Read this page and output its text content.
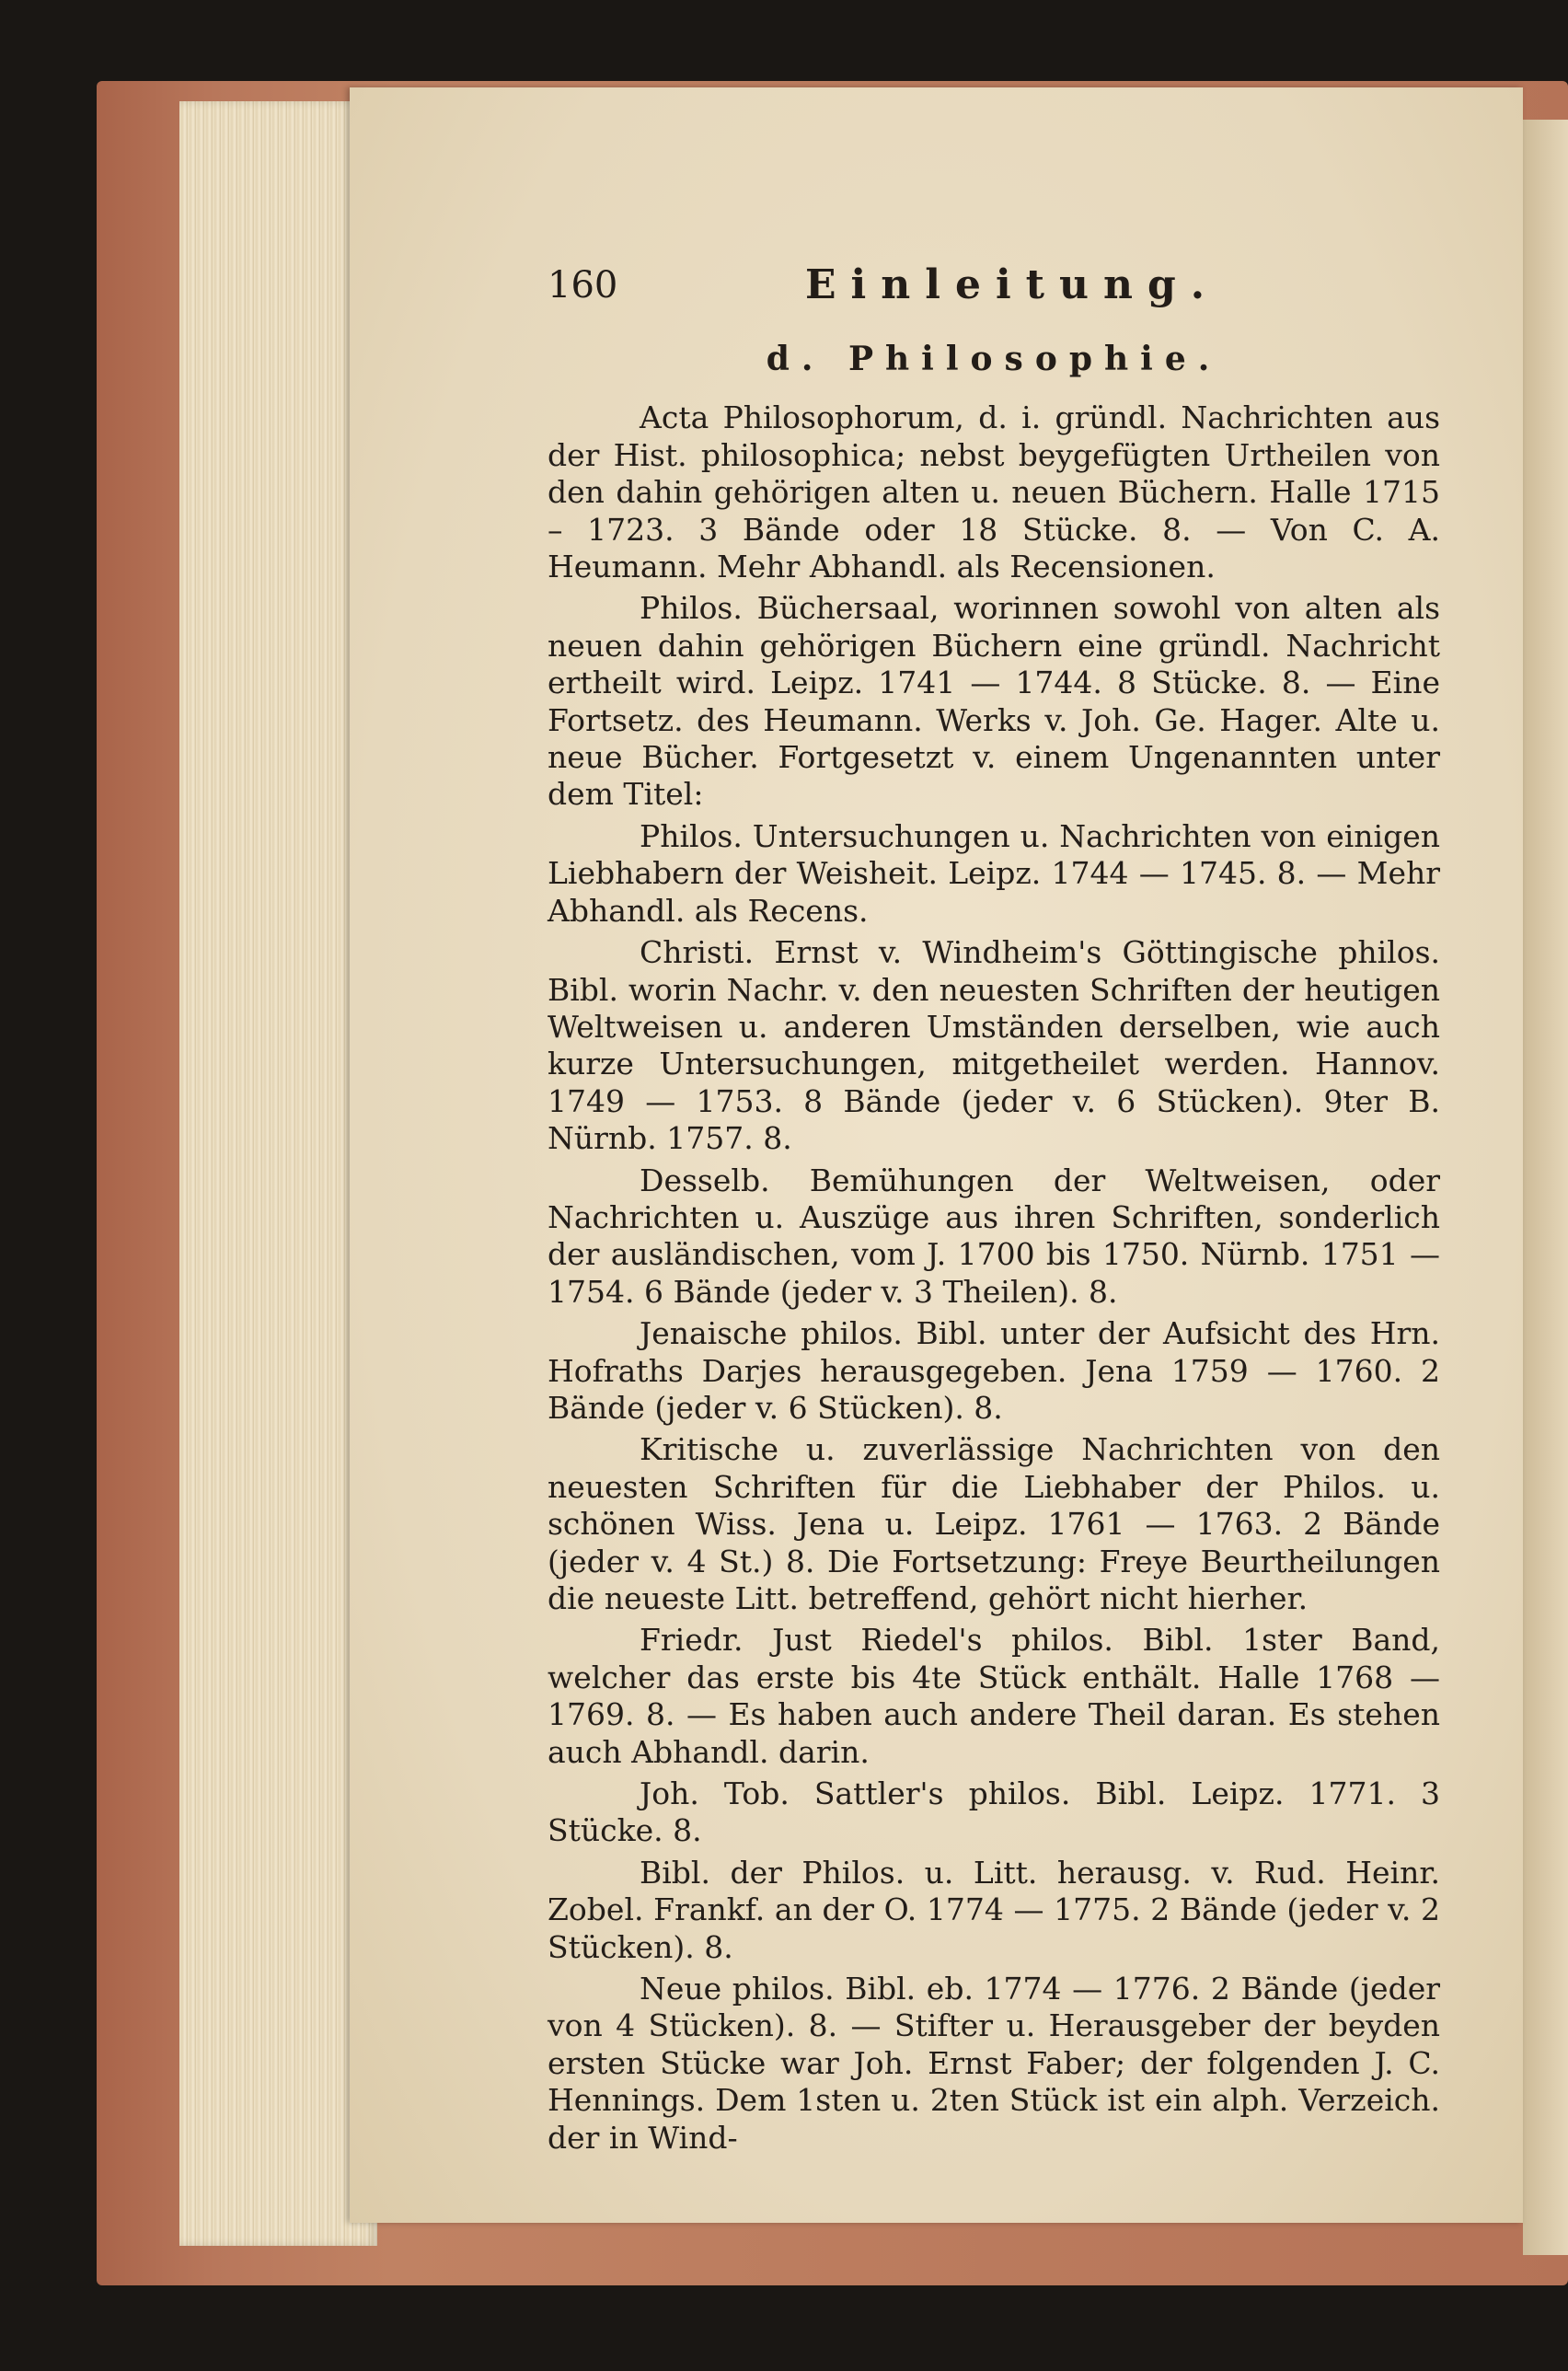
160	Einleitung.
d. Philosophie.

Acta Philosophorum, d. i. gründl. Nachrichten aus der Hist. philosophica; nebst beygefügten Urtheilen von den dahin gehörigen alten u. neuen Büchern. Halle 1715 – 1723. 3 Bände oder 18 Stücke. 8. — Von C. A. Heumann. Mehr Abhandl. als Recensionen.

Philos. Büchersaal, worinnen sowohl von alten als neuen dahin gehörigen Büchern eine gründl. Nachricht ertheilt wird. Leipz. 1741 — 1744. 8 Stücke. 8. — Eine Fortsetz. des Heumann. Werks v. Joh. Ge. Hager. Alte u. neue Bücher. Fortgesetzt v. einem Ungenannten unter dem Titel:

Philos. Untersuchungen u. Nachrichten von einigen Liebhabern der Weisheit. Leipz. 1744 — 1745. 8. — Mehr Abhandl. als Recens.

Christi. Ernst v. Windheim's Göttingische philos. Bibl. worin Nachr. v. den neuesten Schriften der heutigen Weltweisen u. anderen Umständen derselben, wie auch kurze Untersuchungen, mitgetheilet werden. Hannov. 1749 — 1753. 8 Bände (jeder v. 6 Stücken). 9ter B. Nürnb. 1757. 8.

Desselb. Bemühungen der Weltweisen, oder Nachrichten u. Auszüge aus ihren Schriften, sonderlich der ausländischen, vom J. 1700 bis 1750. Nürnb. 1751 — 1754. 6 Bände (jeder v. 3 Theilen). 8.

Jenaische philos. Bibl. unter der Aufsicht des Hrn. Hofraths Darjes herausgegeben. Jena 1759 — 1760. 2 Bände (jeder v. 6 Stücken). 8.

Kritische u. zuverlässige Nachrichten von den neuesten Schriften für die Liebhaber der Philos. u. schönen Wiss. Jena u. Leipz. 1761 — 1763. 2 Bände (jeder v. 4 St.) 8. Die Fortsetzung: Freye Beurtheilungen die neueste Litt. betreffend, gehört nicht hierher.

Friedr. Just Riedel's philos. Bibl. 1ster Band, welcher das erste bis 4te Stück enthält. Halle 1768 — 1769. 8. — Es haben auch andere Theil daran. Es stehen auch Abhandl. darin.

Joh. Tob. Sattler's philos. Bibl. Leipz. 1771. 3 Stücke. 8.

Bibl. der Philos. u. Litt. herausg. v. Rud. Heinr. Zobel. Frankf. an der O. 1774 — 1775. 2 Bände (jeder v. 2 Stücken). 8.

Neue philos. Bibl. eb. 1774 — 1776. 2 Bände (jeder von 4 Stücken). 8. — Stifter u. Herausgeber der beyden ersten Stücke war Joh. Ernst Faber; der folgenden J. C. Hennings. Dem 1sten u. 2ten Stück ist ein alph. Verzeich. der in Wind-
